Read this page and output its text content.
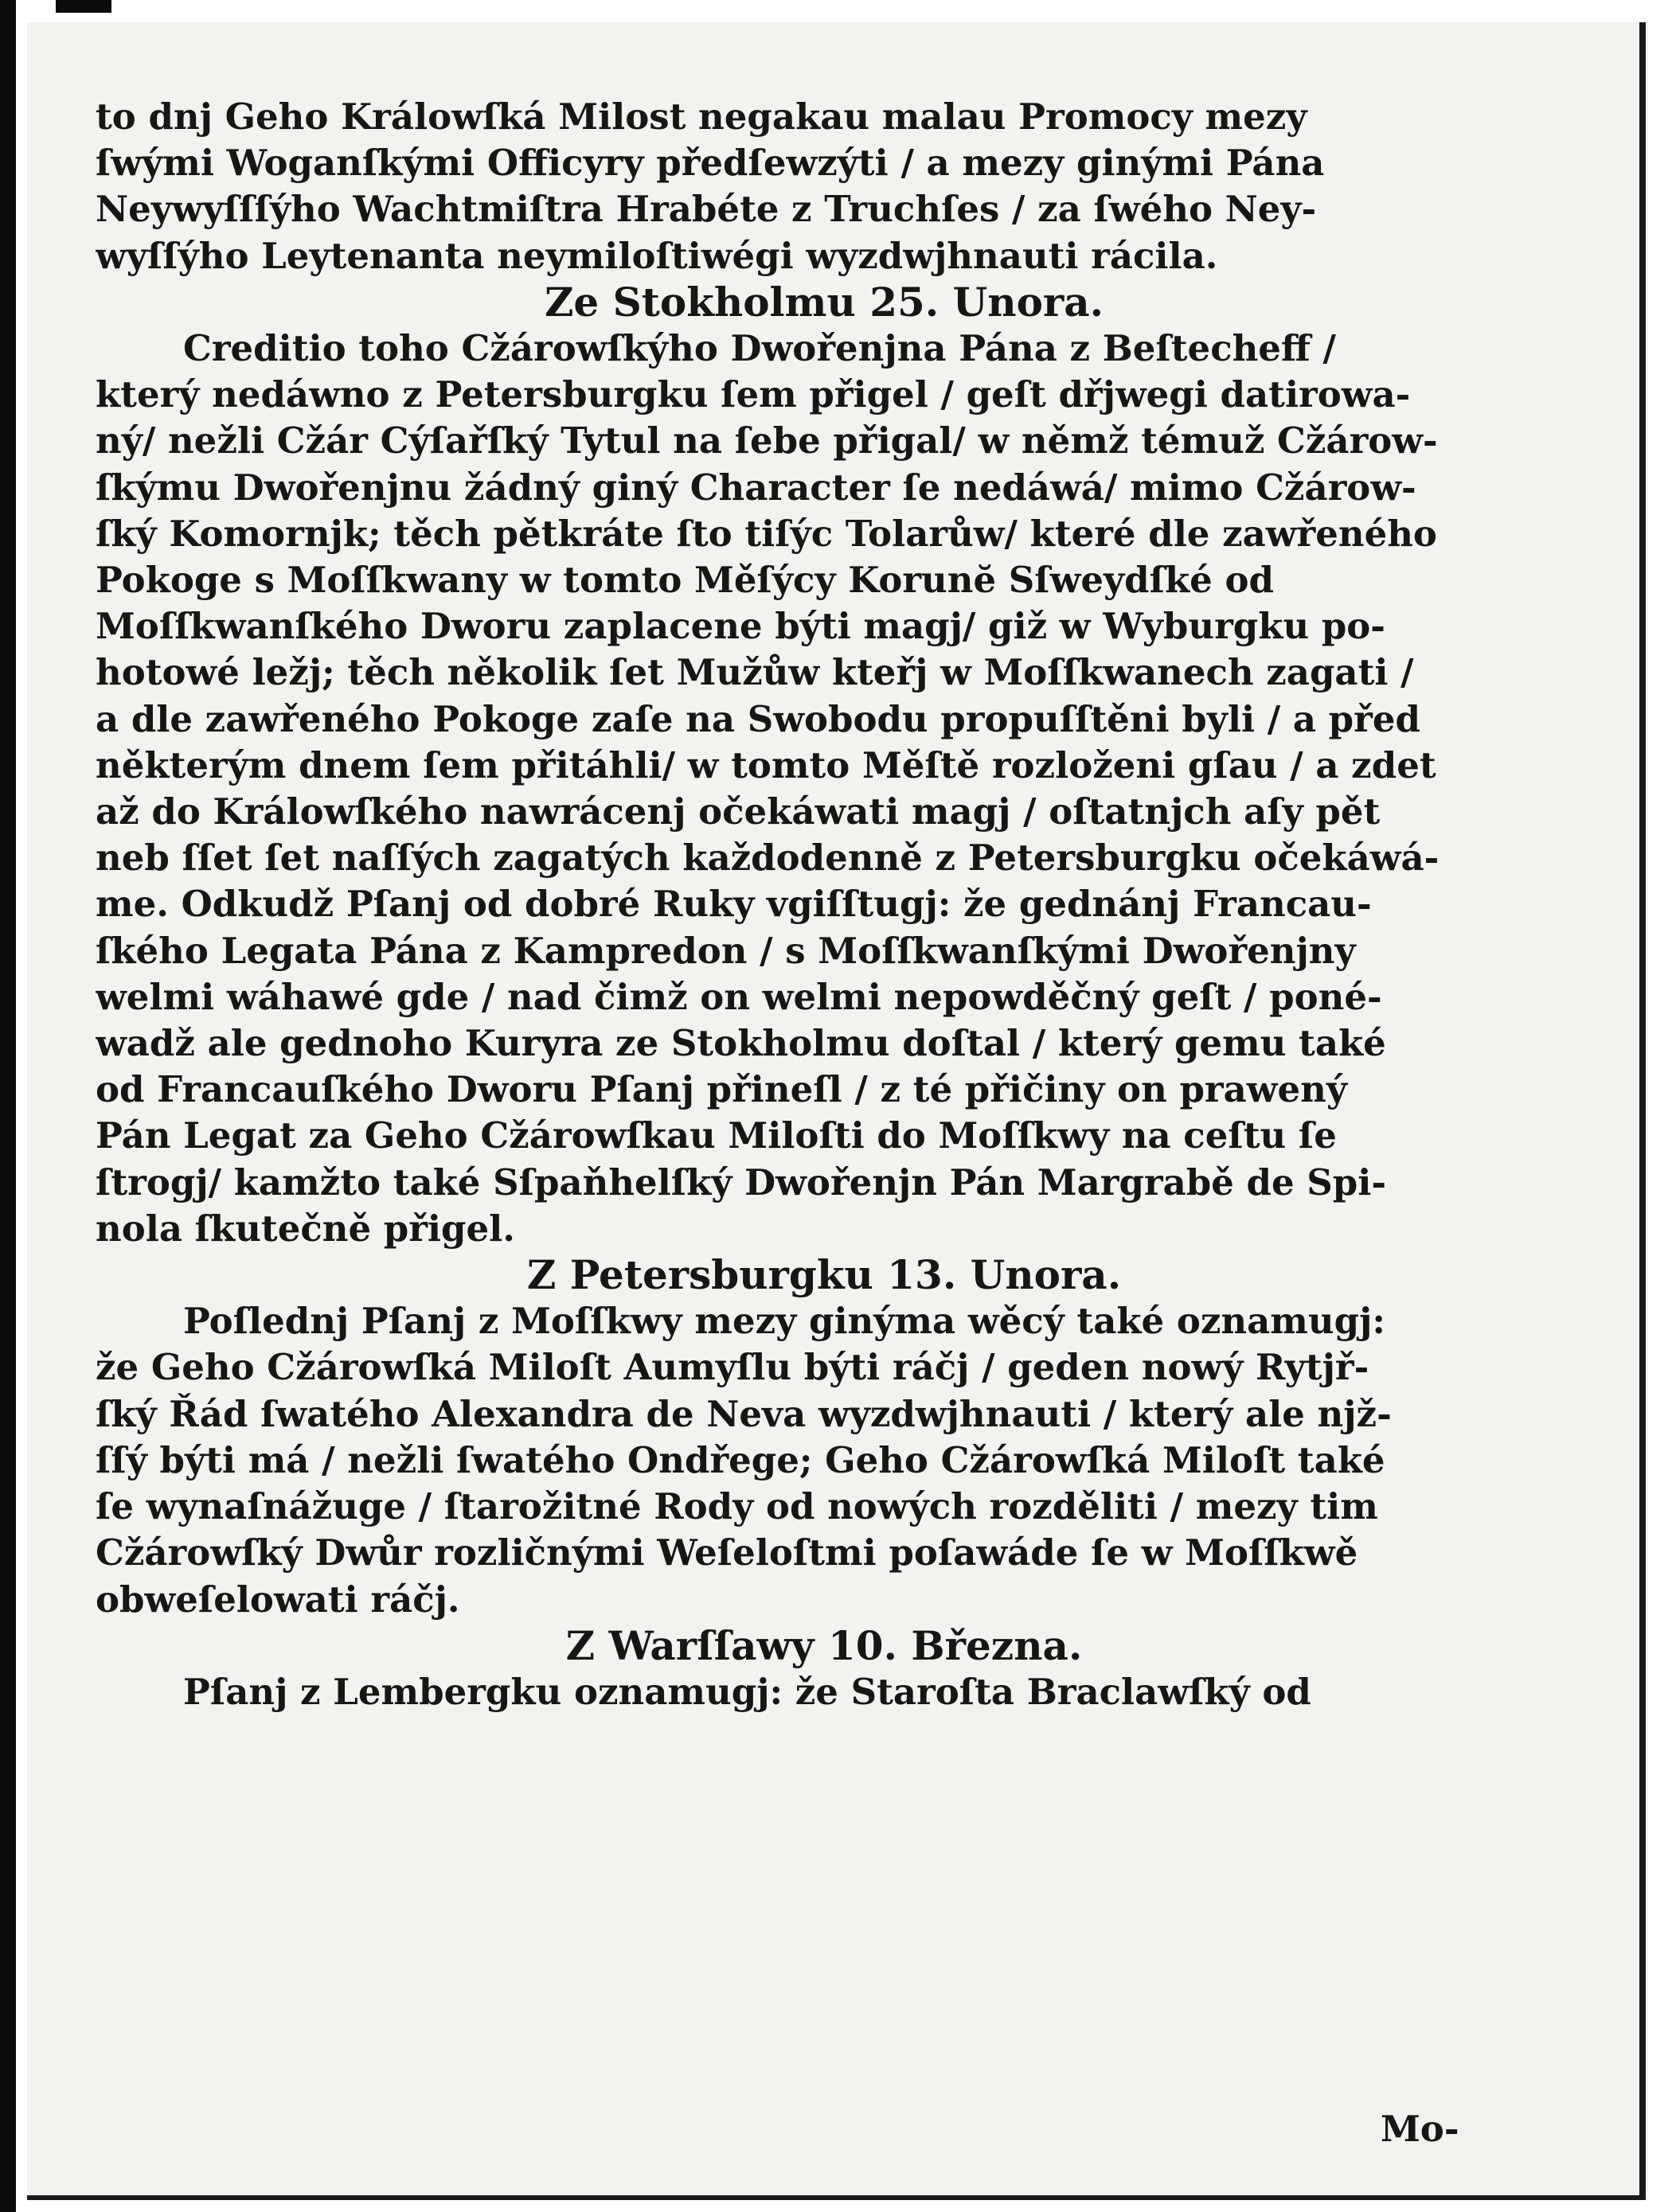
to dnj Geho Králowſká Milost negakau malau Promocy mezy
ſwými Woganſkými Officyry předſewzýti / a mezy ginými Pána
Neywyſſſýho Wachtmiſtra Hrabéte z Truchſes / za ſwého Ney-
wyſſýho Leytenanta neymiloſtiwégi wyzdwjhnauti rácila.
Ze Stokholmu 25. Unora.
Creditio toho Cžárowſkýho Dwořenjna Pána z Beſtecheff /
který nedáwno z Petersburgku ſem přigel / geſt dřjwegi datirowa-
ný/ nežli Cžár Cýſařſký Tytul na ſebe přigal/ w němž témuž Cžárow-
ſkýmu Dwořenjnu žádný giný Character ſe nedáwá/ mimo Cžárow-
ſký Komornjk; těch pětkráte ſto tiſýc Tolarůw/ které dle zawřeného
Pokoge s Moſſkwany w tomto Měſýcy Korunĕ Sſweydſké od
Moſſkwanſkého Dworu zaplacene býti magj/ giž w Wyburgku po-
hotowé ležj; těch několik ſet Mužůw kteřj w Moſſkwanech zagati /
a dle zawřeného Pokoge zaſe na Swobodu propuſſtěni byli / a před
některým dnem ſem přitáhli/ w tomto Měſtě rozloženi gſau / a zdet
až do Králowſkého nawrácenj očekáwati magj / oſtatnjch aſy pět
neb ſſet ſet naſſých zagatých každodenně z Petersburgku očekáwá-
me. Odkudž Pſanj od dobré Ruky vgiſſtugj: že gednánj Francau-
ſkého Legata Pána z Kampredon / s Moſſkwanſkými Dwořenjny
welmi wáhawé gde / nad čimž on welmi nepowděčný geſt / poné-
wadž ale gednoho Kuryra ze Stokholmu doſtal / který gemu také
od Francauſkého Dworu Pſanj přineſl / z té přičiny on prawený
Pán Legat za Geho Cžárowſkau Miloſti do Moſſkwy na ceſtu ſe
ſtrogj/ kamžto také Sſpaňhelſký Dwořenjn Pán Margrabě de Spi-
nola ſkutečně přigel.
Z Petersburgku 13. Unora.
Poſlednj Pſanj z Moſſkwy mezy ginýma wěcý také oznamugj:
že Geho Cžárowſká Miloſt Aumyſlu býti ráčj / geden nowý Rytjř-
ſký Řád ſwatého Alexandra de Neva wyzdwjhnauti / který ale njž-
ſſý býti má / nežli ſwatého Ondřege; Geho Cžárowſká Miloſt také
ſe wynaſnážuge / ſtarožitné Rody od nowých rozděliti / mezy tim
Cžárowſký Dwůr rozličnými Weſeloſtmi poſawáde ſe w Moſſkwě
obweſelowati ráčj.
Z Warſſawy 10. Března.
Pſanj z Lembergku oznamugj: že Staroſta Braclawſký od
Mo-
